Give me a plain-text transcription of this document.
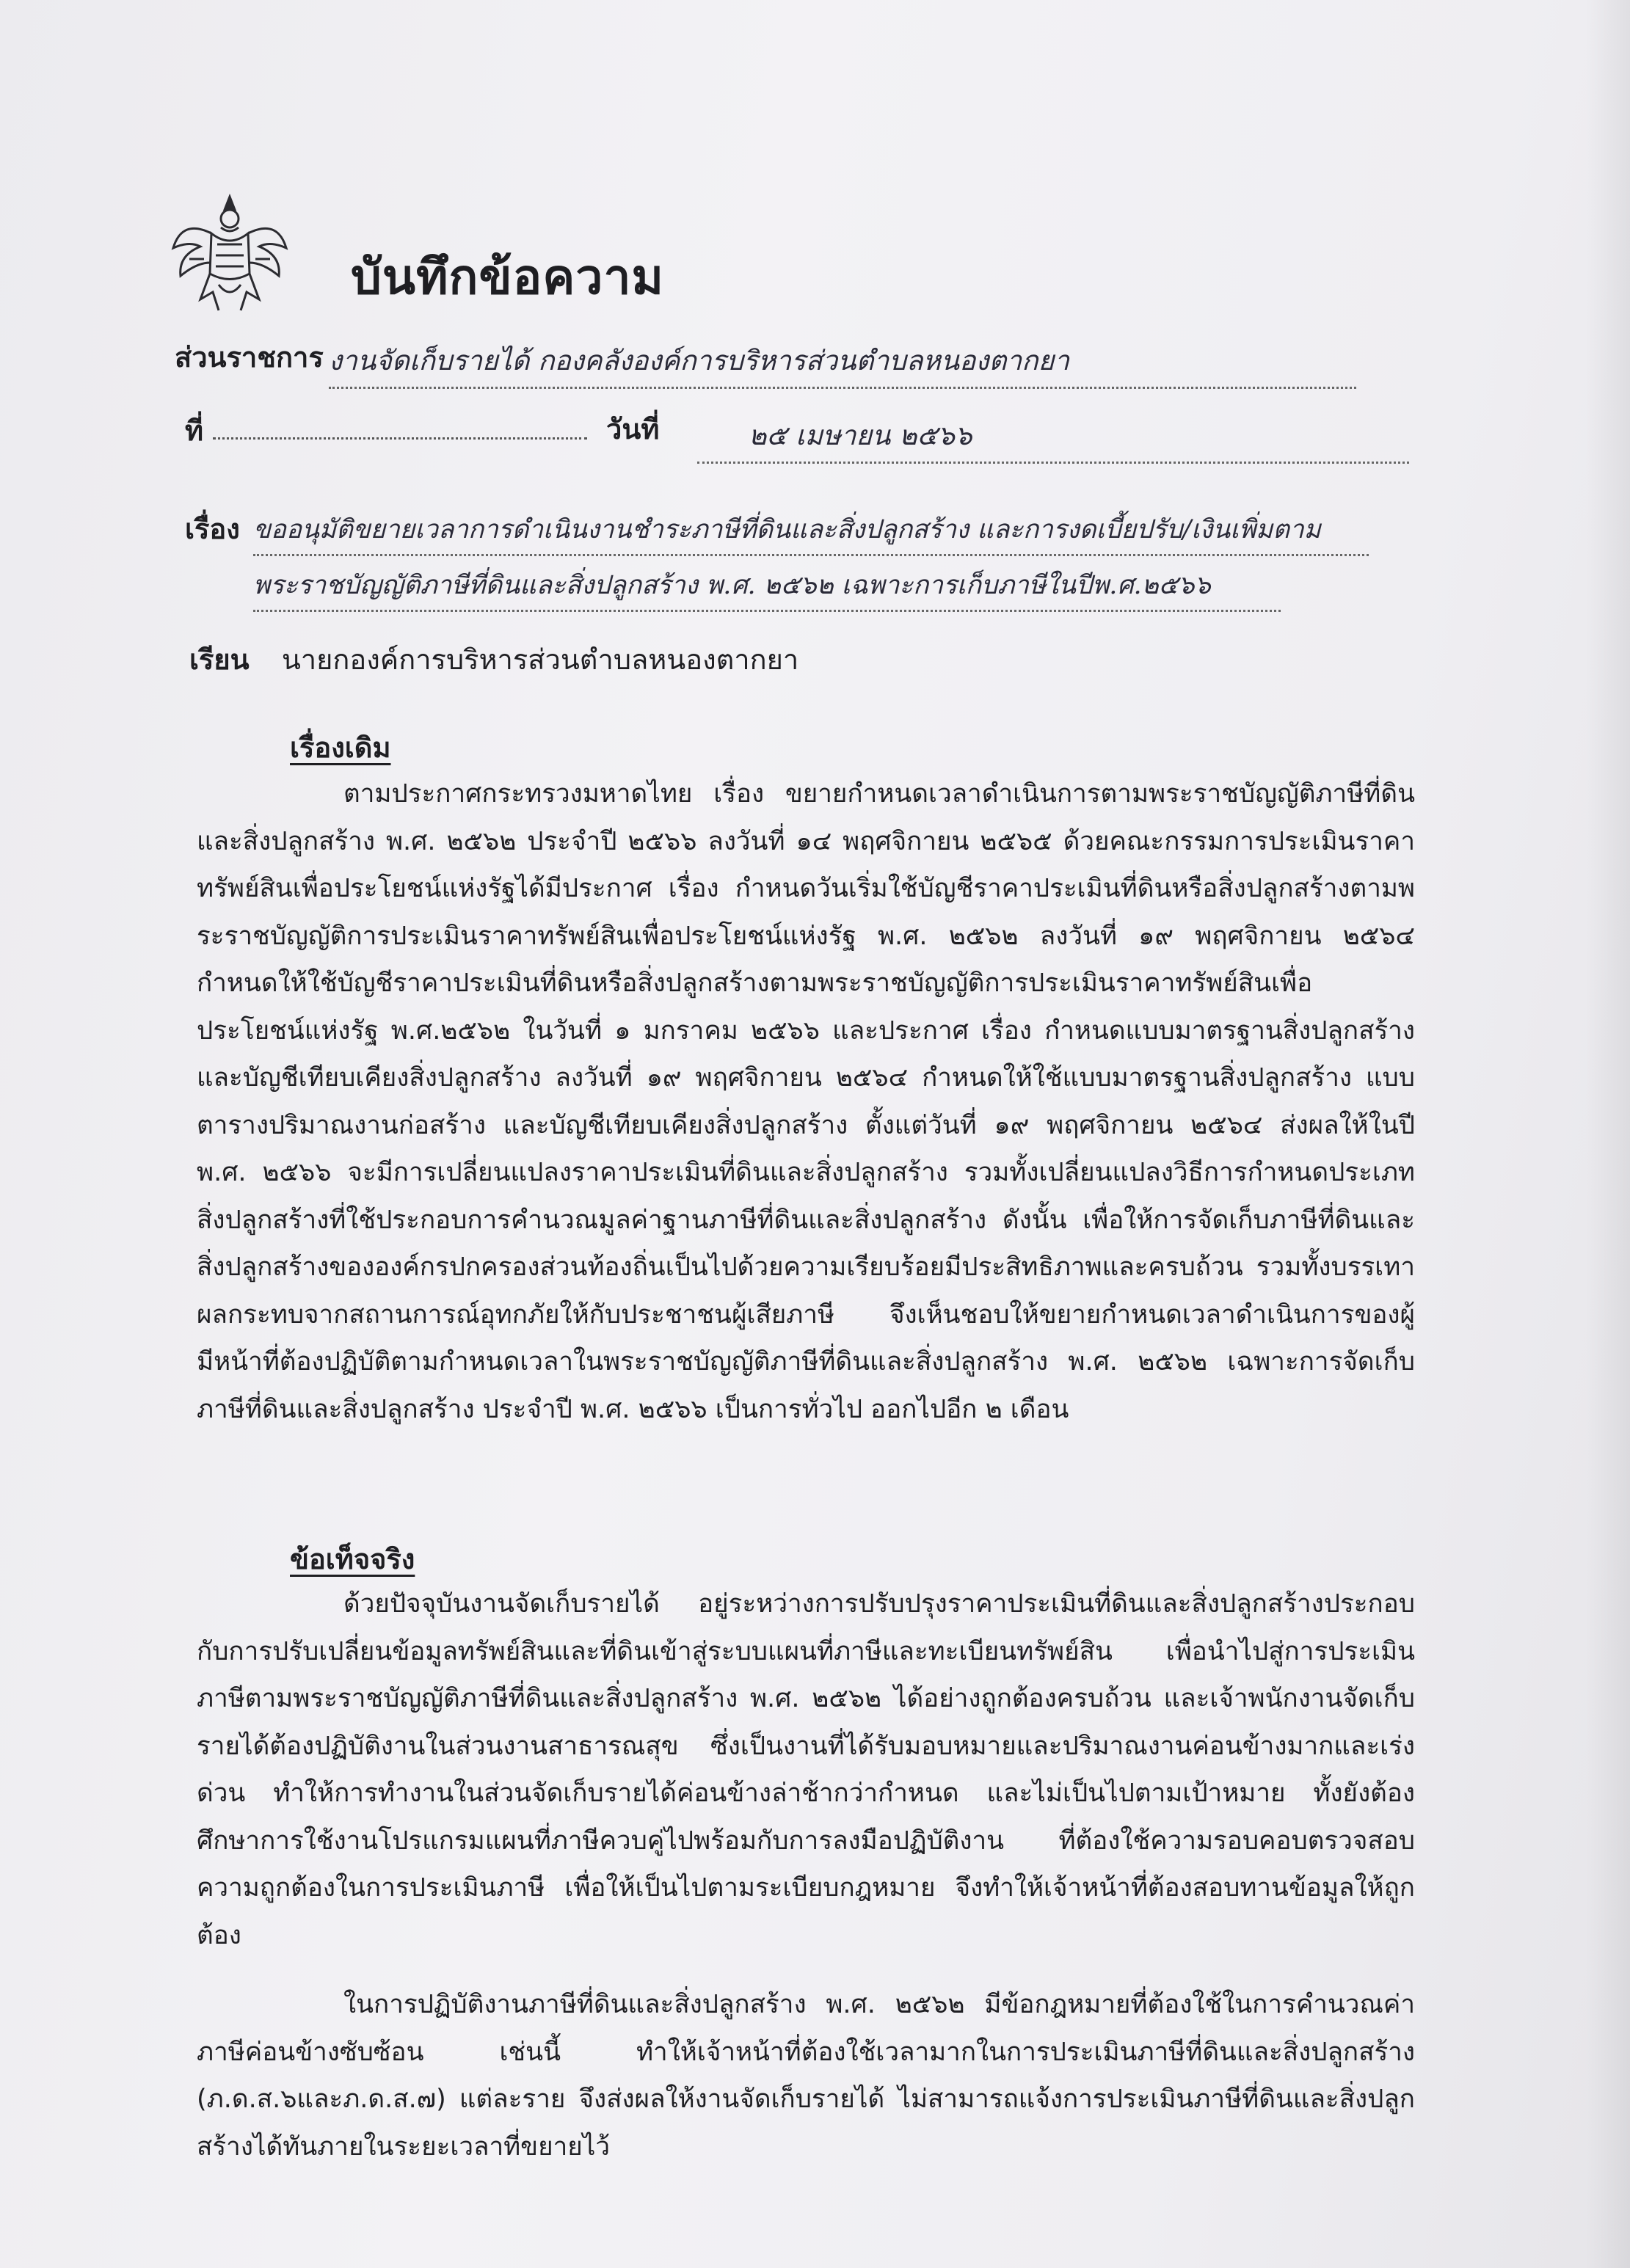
บันทึกข้อความ
ส่วนราชการ งานจัดเก็บรายได้ กองคลังองค์การบริหารส่วนตำบลหนองตากยา
ที่	วันที่	๒๕ เมษายน ๒๕๖๖
เรื่อง ขออนุมัติขยายเวลาการดำเนินงานชำระภาษีที่ดินและสิ่งปลูกสร้าง และการงดเบี้ยปรับ/เงินเพิ่มตาม
พระราชบัญญัติภาษีที่ดินและสิ่งปลูกสร้าง พ.ศ. ๒๕๖๒ เฉพาะการเก็บภาษีในปีพ.ศ.๒๕๖๖
เรียน นายกองค์การบริหารส่วนตำบลหนองตากยา
เรื่องเดิม

ตามประกาศกระทรวงมหาดไทย เรื่อง ขยายกำหนดเวลาดำเนินการตามพระราชบัญญัติภาษีที่ดินและสิ่งปลูกสร้าง พ.ศ. ๒๕๖๒ ประจำปี ๒๕๖๖ ลงวันที่ ๑๔ พฤศจิกายน ๒๕๖๕ ด้วยคณะกรรมการประเมินราคาทรัพย์สินเพื่อประโยชน์แห่งรัฐได้มีประกาศ เรื่อง กำหนดวันเริ่มใช้บัญชีราคาประเมินที่ดินหรือสิ่งปลูกสร้างตามพระราชบัญญัติการประเมินราคาทรัพย์สินเพื่อประโยชน์แห่งรัฐ พ.ศ. ๒๕๖๒ ลงวันที่ ๑๙ พฤศจิกายน ๒๕๖๔ กำหนดให้ใช้บัญชีราคาประเมินที่ดินหรือสิ่งปลูกสร้างตามพระราชบัญญัติการประเมินราคาทรัพย์สินเพื่อประโยชน์แห่งรัฐ พ.ศ.๒๕๖๒ ในวันที่ ๑ มกราคม ๒๕๖๖ และประกาศ เรื่อง กำหนดแบบมาตรฐานสิ่งปลูกสร้างและบัญชีเทียบเคียงสิ่งปลูกสร้าง ลงวันที่ ๑๙ พฤศจิกายน ๒๕๖๔ กำหนดให้ใช้แบบมาตรฐานสิ่งปลูกสร้าง แบบตารางปริมาณงานก่อสร้าง และบัญชีเทียบเคียงสิ่งปลูกสร้าง ตั้งแต่วันที่ ๑๙ พฤศจิกายน ๒๕๖๔ ส่งผลให้ในปี พ.ศ. ๒๕๖๖ จะมีการเปลี่ยนแปลงราคาประเมินที่ดินและสิ่งปลูกสร้าง รวมทั้งเปลี่ยนแปลงวิธีการกำหนดประเภทสิ่งปลูกสร้างที่ใช้ประกอบการคำนวณมูลค่าฐานภาษีที่ดินและสิ่งปลูกสร้าง ดังนั้น เพื่อให้การจัดเก็บภาษีที่ดินและสิ่งปลูกสร้างขององค์กรปกครองส่วนท้องถิ่นเป็นไปด้วยความเรียบร้อยมีประสิทธิภาพและครบถ้วน รวมทั้งบรรเทาผลกระทบจากสถานการณ์อุทกภัยให้กับประชาชนผู้เสียภาษี จึงเห็นชอบให้ขยายกำหนดเวลาดำเนินการของผู้มีหน้าที่ต้องปฏิบัติตามกำหนดเวลาในพระราชบัญญัติภาษีที่ดินและสิ่งปลูกสร้าง พ.ศ. ๒๕๖๒ เฉพาะการจัดเก็บภาษีที่ดินและสิ่งปลูกสร้าง ประจำปี พ.ศ. ๒๕๖๖ เป็นการทั่วไป ออกไปอีก ๒ เดือน

ข้อเท็จจริง

ด้วยปัจจุบันงานจัดเก็บรายได้ อยู่ระหว่างการปรับปรุงราคาประเมินที่ดินและสิ่งปลูกสร้างประกอบกับการปรับเปลี่ยนข้อมูลทรัพย์สินและที่ดินเข้าสู่ระบบแผนที่ภาษีและทะเบียนทรัพย์สิน เพื่อนำไปสู่การประเมินภาษีตามพระราชบัญญัติภาษีที่ดินและสิ่งปลูกสร้าง พ.ศ. ๒๕๖๒ ได้อย่างถูกต้องครบถ้วน และเจ้าพนักงานจัดเก็บรายได้ต้องปฏิบัติงานในส่วนงานสาธารณสุข ซึ่งเป็นงานที่ได้รับมอบหมายและปริมาณงานค่อนข้างมากและเร่งด่วน ทำให้การทำงานในส่วนจัดเก็บรายได้ค่อนข้างล่าช้ากว่ากำหนด และไม่เป็นไปตามเป้าหมาย ทั้งยังต้องศึกษาการใช้งานโปรแกรมแผนที่ภาษีควบคู่ไปพร้อมกับการลงมือปฏิบัติงาน ที่ต้องใช้ความรอบคอบตรวจสอบความถูกต้องในการประเมินภาษี เพื่อให้เป็นไปตามระเบียบกฎหมาย จึงทำให้เจ้าหน้าที่ต้องสอบทานข้อมูลให้ถูกต้อง

ในการปฏิบัติงานภาษีที่ดินและสิ่งปลูกสร้าง พ.ศ. ๒๕๖๒ มีข้อกฎหมายที่ต้องใช้ในการคำนวณค่าภาษีค่อนข้างซับซ้อน เช่นนี้ ทำให้เจ้าหน้าที่ต้องใช้เวลามากในการประเมินภาษีที่ดินและสิ่งปลูกสร้าง (ภ.ด.ส.๖และภ.ด.ส.๗) แต่ละราย จึงส่งผลให้งานจัดเก็บรายได้ ไม่สามารถแจ้งการประเมินภาษีที่ดินและสิ่งปลูกสร้างได้ทันภายในระยะเวลาที่ขยายไว้
